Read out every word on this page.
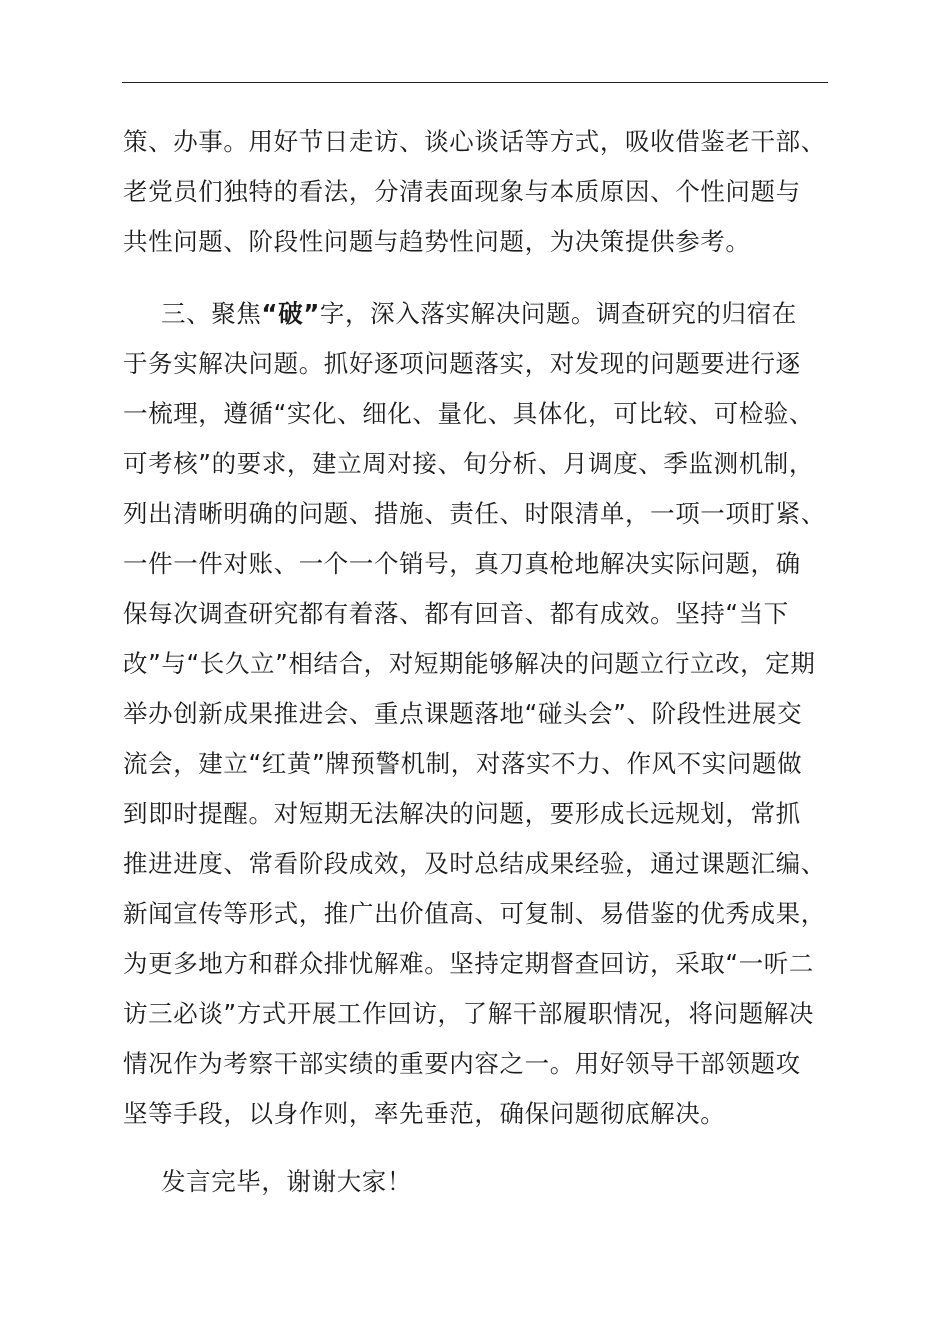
策、办事。用好节日走访、谈心谈话等方式，吸收借鉴老干部、
老党员们独特的看法，分清表面现象与本质原因、个性问题与
共性问题、阶段性问题与趋势性问题，为决策提供参考。
三、聚焦“破”字，深入落实解决问题。调查研究的归宿在
于务实解决问题。抓好逐项问题落实，对发现的问题要进行逐
一梳理，遵循“实化、细化、量化、具体化，可比较、可检验、
可考核”的要求，建立周对接、旬分析、月调度、季监测机制，
列出清晰明确的问题、措施、责任、时限清单，一项一项盯紧、
一件一件对账、一个一个销号，真刀真枪地解决实际问题，确
保每次调查研究都有着落、都有回音、都有成效。坚持“当下
改”与“长久立”相结合，对短期能够解决的问题立行立改，定期
举办创新成果推进会、重点课题落地“碰头会”、阶段性进展交
流会，建立“红黄”牌预警机制，对落实不力、作风不实问题做
到即时提醒。对短期无法解决的问题，要形成长远规划，常抓
推进进度、常看阶段成效，及时总结成果经验，通过课题汇编、
新闻宣传等形式，推广出价值高、可复制、易借鉴的优秀成果，
为更多地方和群众排忧解难。坚持定期督查回访，采取“一听二
访三必谈”方式开展工作回访，了解干部履职情况，将问题解决
情况作为考察干部实绩的重要内容之一。用好领导干部领题攻
坚等手段，以身作则，率先垂范，确保问题彻底解决。
发言完毕，谢谢大家！
